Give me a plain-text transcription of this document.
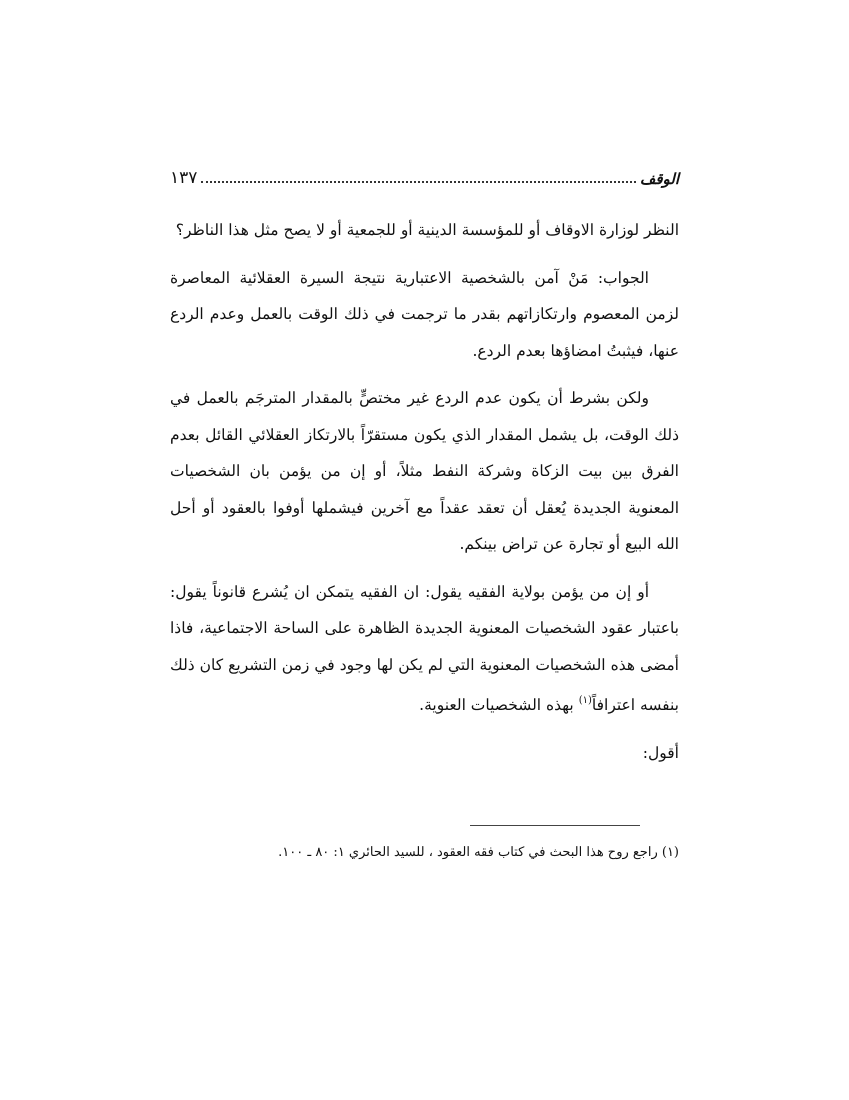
الوقف
١٣٧

النظر لوزارة الاوقاف أو للمؤسسة الدينية أو للجمعية أو لا يصح مثل هذا الناظر؟

الجواب: مَنْ آمن بالشخصية الاعتبارية نتيجة السيرة العقلائية المعاصرة لزمن المعصوم وارتكازاتهم بقدر ما ترجمت في ذلك الوقت بالعمل وعدم الردع عنها، فيثبتُ امضاؤها بعدم الردع.

ولكن بشرط أن يكون عدم الردع غير مختصٍّ بالمقدار المترجَم بالعمل في ذلك الوقت، بل يشمل المقدار الذي يكون مستقرّاً بالارتكاز العقلائي القائل بعدم الفرق بين بيت الزكاة وشركة النفط مثلاً، أو إن من يؤمن بان الشخصيات المعنوية الجديدة يُعقل أن تعقد عقداً مع آخرين فيشملها أوفوا بالعقود أو أحل الله البيع أو تجارة عن تراض بينكم.

أو إن من يؤمن بولاية الفقيه يقول: ان الفقيه يتمكن ان يُشرع قانوناً يقول: باعتبار عقود الشخصيات المعنوية الجديدة الظاهرة على الساحة الاجتماعية، فاذا أمضى هذه الشخصيات المعنوية التي لم يكن لها وجود في زمن التشريع كان ذلك بنفسه اعترافاً$^{(١)}$ بهذه الشخصيات العنوية.

أقول:

(١) راجع روح هذا البحث في كتاب فقه العقود ، للسيد الحائري ١: ٨٠ ـ ١٠٠.
